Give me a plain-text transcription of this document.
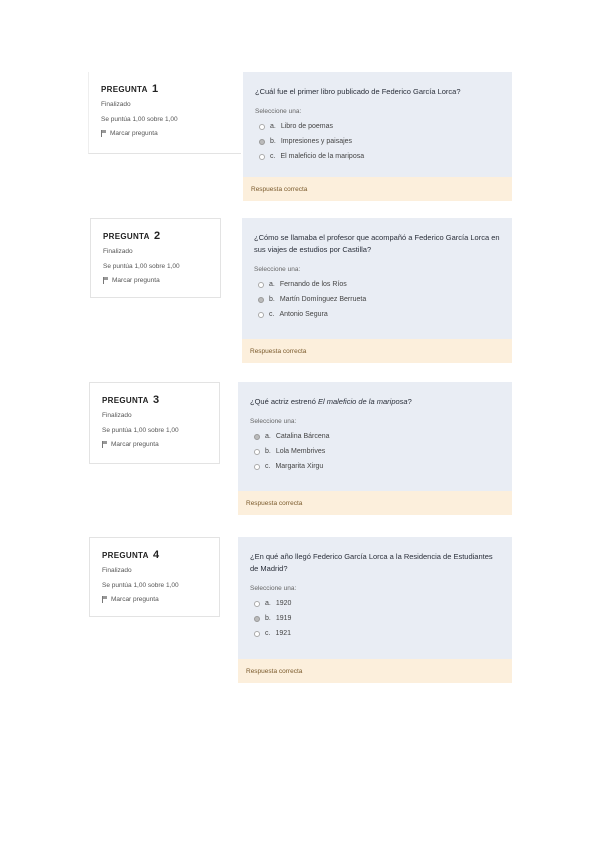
PREGUNTA 1
Finalizado
Se puntúa 1,00 sobre 1,00
Marcar pregunta
¿Cuál fue el primer libro publicado de Federico García Lorca?
Seleccione una:
a. Libro de poemas
b. Impresiones y paisajes
c. El maleficio de la mariposa
Respuesta correcta
PREGUNTA 2
Finalizado
Se puntúa 1,00 sobre 1,00
Marcar pregunta
¿Cómo se llamaba el profesor que acompañó a Federico García Lorca en sus viajes de estudios por Castilla?
Seleccione una:
a. Fernando de los Ríos
b. Martín Domínguez Berrueta
c. Antonio Segura
Respuesta correcta
PREGUNTA 3
Finalizado
Se puntúa 1,00 sobre 1,00
Marcar pregunta
¿Qué actriz estrenó El maleficio de la mariposa?
Seleccione una:
a. Catalina Bárcena
b. Lola Membrives
c. Margarita Xirgu
Respuesta correcta
PREGUNTA 4
Finalizado
Se puntúa 1,00 sobre 1,00
Marcar pregunta
¿En qué año llegó Federico García Lorca a la Residencia de Estudiantes de Madrid?
Seleccione una:
a. 1920
b. 1919
c. 1921
Respuesta correcta
